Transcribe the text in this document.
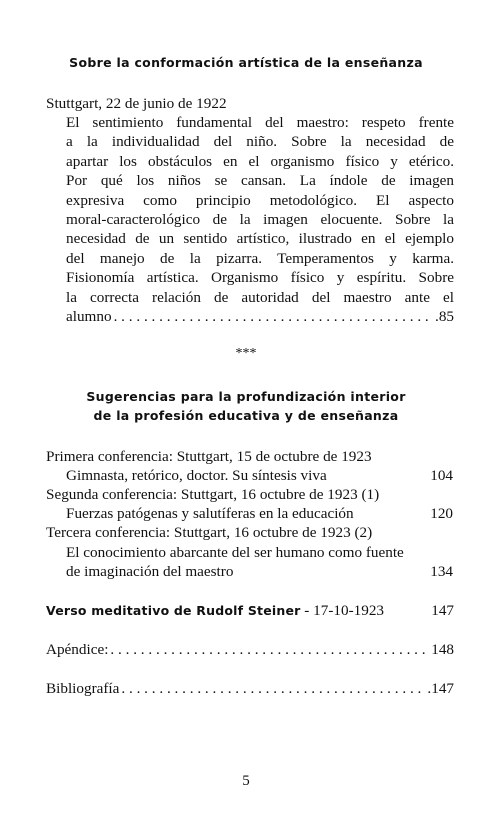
Sobre la conformación artística de la enseñanza
Stuttgart, 22 de junio de 1922
El sentimiento fundamental del maestro: respeto frente
a la individualidad del niño. Sobre la necesidad de
apartar los obstáculos en el organismo físico y etérico.
Por qué los niños se cansan. La índole de imagen
expresiva como principio metodológico. El aspecto
moral-caracterológico de la imagen elocuente. Sobre la
necesidad de un sentido artístico, ilustrado en el ejemplo
del manejo de la pizarra. Temperamentos y karma.
Fisionomía artística. Organismo físico y espíritu. Sobre
la correcta relación de autoridad del maestro ante el
alumno . . .	.85
***
Sugerencias para la profundización interior
de la profesión educativa y de enseñanza
Primera conferencia: Stuttgart, 15 de octubre de 1923
Gimnasta, retórico, doctor. Su síntesis viva	104
Segunda conferencia: Stuttgart, 16 octubre de 1923 (1)
Fuerzas patógenas y salutíferas en la educación	120
Tercera conferencia: Stuttgart, 16 octubre de 1923 (2)
El conocimiento abarcante del ser humano como fuente
de imaginación del maestro	134
Verso meditativo de Rudolf Steiner - 17-10-1923	147
Apéndice: . . .	148
Bibliografía . . .	.147
5
